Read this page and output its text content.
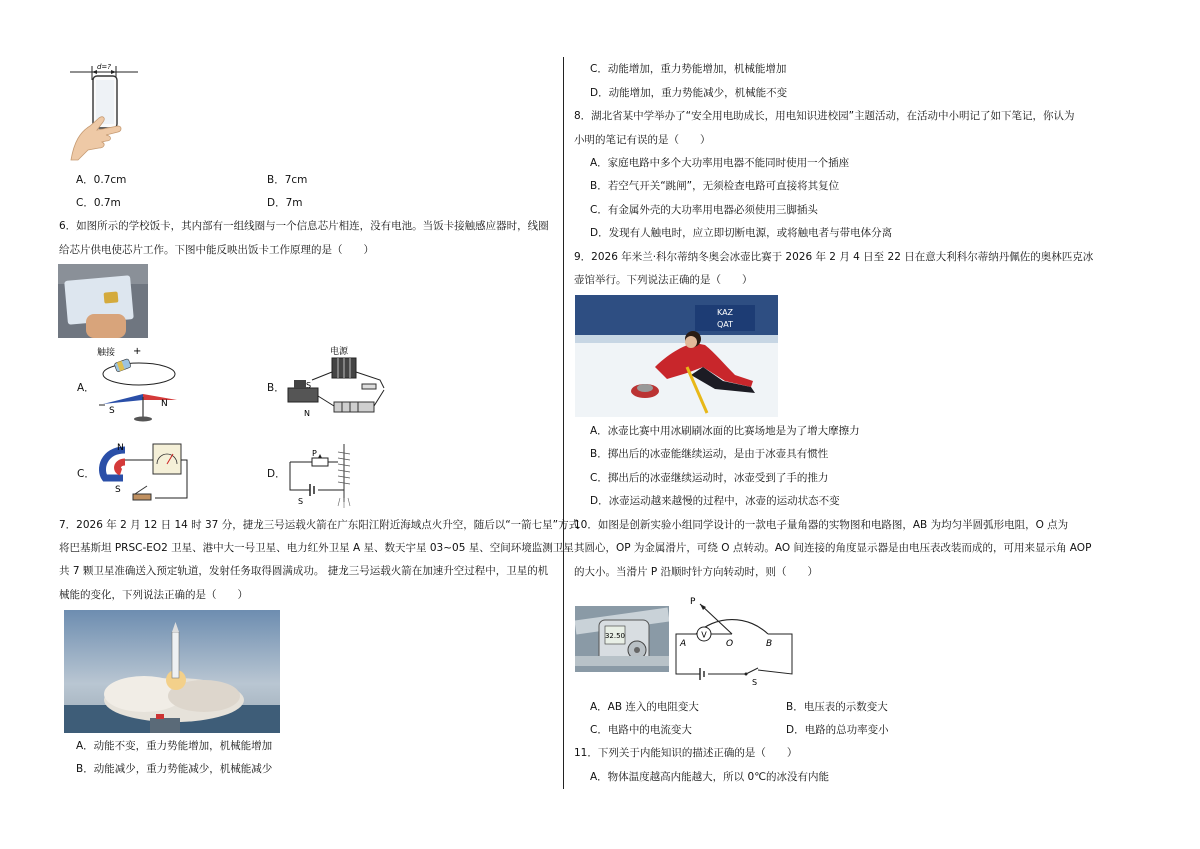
d=?
A．0.7cm	B．7cm
C．0.7m	D．7m
6．如图所示的学校饭卡，其内部有一组线圈与一个信息芯片相连，没有电池。当饭卡接触感应器时，线圈
给芯片供电使芯片工作。下图中能反映出饭卡工作原理的是（　　）
A．
触接 +
S
N
B．
电源
S
N
C．
N
S
D．
P
S
7．2026 年 2 月 12 日 14 时 37 分，捷龙三号运载火箭在广东阳江附近海域点火升空，随后以“一箭七星”方式
将巴基斯坦 PRSC-EO2 卫星、港中大一号卫星、电力红外卫星 A 星、数天宇星 03~05 星、空间环境监测卫星
共 7 颗卫星准确送入预定轨道，发射任务取得圆满成功。 捷龙三号运载火箭在加速升空过程中，卫星的机
械能的变化，下列说法正确的是（　　）
A．动能不变，重力势能增加，机械能增加
B．动能减少，重力势能减少，机械能减少
C．动能增加，重力势能增加，机械能增加
D．动能增加，重力势能减少，机械能不变
8．湖北省某中学举办了“安全用电助成长，用电知识进校园”主题活动，在活动中小明记了如下笔记，你认为
小明的笔记有误的是（　　）
A．家庭电路中多个大功率用电器不能同时使用一个插座
B．若空气开关“跳闸”，无须检查电路可直接将其复位
C．有金属外壳的大功率用电器必须使用三脚插头
D．发现有人触电时，应立即切断电源，或将触电者与带电体分离
9．2026 年米兰·科尔蒂纳冬奥会冰壶比赛于 2026 年 2 月 4 日至 22 日在意大利科尔蒂纳丹佩佐的奥林匹克冰
壶馆举行。下列说法正确的是（　　）
KAZ
QAT
A．冰壶比赛中用冰刷刷冰面的比赛场地是为了增大摩擦力
B．掷出后的冰壶能继续运动，是由于冰壶具有惯性
C．掷出后的冰壶继续运动时，冰壶受到了手的推力
D．冰壶运动越来越慢的过程中，冰壶的运动状态不变
10．如图是创新实验小组同学设计的一款电子量角器的实物图和电路图，AB 为均匀半圆弧形电阻，O 点为
其圆心，OP 为金属滑片，可绕 O 点转动。AO 间连接的角度显示器是由电压表改装而成的，可用来显示角 AOP
的大小。当滑片 P 沿顺时针方向转动时，则（　　）
32.50
P
V
A	O	B
S
A．AB 连入的电阻变大	B．电压表的示数变大
C．电路中的电流变大	D．电路的总功率变小
11．下列关于内能知识的描述正确的是（　　）
A．物体温度越高内能越大，所以 0℃的冰没有内能
